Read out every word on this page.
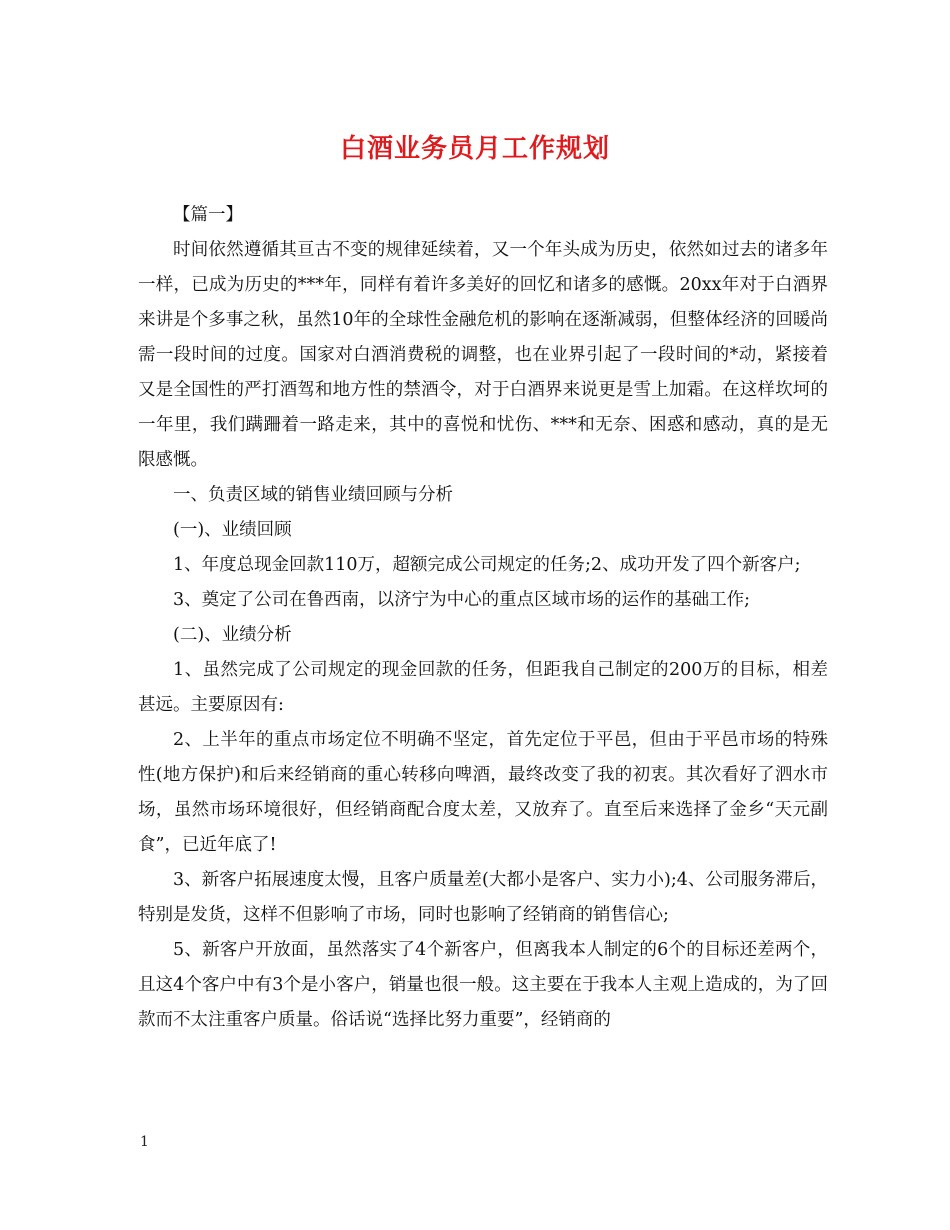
白酒业务员月工作规划

【篇一】

时间依然遵循其亘古不变的规律延续着，又一个年头成为历史，依然如过去的诸多年一样，已成为历史的***年，同样有着许多美好的回忆和诸多的感慨。20xx年对于白酒界来讲是个多事之秋，虽然10年的全球性金融危机的影响在逐渐减弱，但整体经济的回暖尚需一段时间的过度。国家对白酒消费税的调整，也在业界引起了一段时间的*动，紧接着又是全国性的严打酒驾和地方性的禁酒令，对于白酒界来说更是雪上加霜。在这样坎坷的一年里，我们蹒跚着一路走来，其中的喜悦和忧伤、***和无奈、困惑和感动，真的是无限感慨。

一、负责区域的销售业绩回顾与分析

(一)、业绩回顾

1、年度总现金回款110万，超额完成公司规定的任务;2、成功开发了四个新客户;

3、奠定了公司在鲁西南，以济宁为中心的重点区域市场的运作的基础工作;

(二)、业绩分析

1、虽然完成了公司规定的现金回款的任务，但距我自己制定的200万的目标，相差甚远。主要原因有:

2、上半年的重点市场定位不明确不坚定，首先定位于平邑，但由于平邑市场的特殊性(地方保护)和后来经销商的重心转移向啤酒，最终改变了我的初衷。其次看好了泗水市场，虽然市场环境很好，但经销商配合度太差，又放弃了。直至后来选择了金乡“天元副食”，已近年底了!

3、新客户拓展速度太慢，且客户质量差(大都小是客户、实力小);4、公司服务滞后，特别是发货，这样不但影响了市场，同时也影响了经销商的销售信心;

5、新客户开放面，虽然落实了4个新客户，但离我本人制定的6个的目标还差两个，且这4个客户中有3个是小客户，销量也很一般。这主要在于我本人主观上造成的，为了回款而不太注重客户质量。俗话说“选择比努力重要”，经销商的

1
